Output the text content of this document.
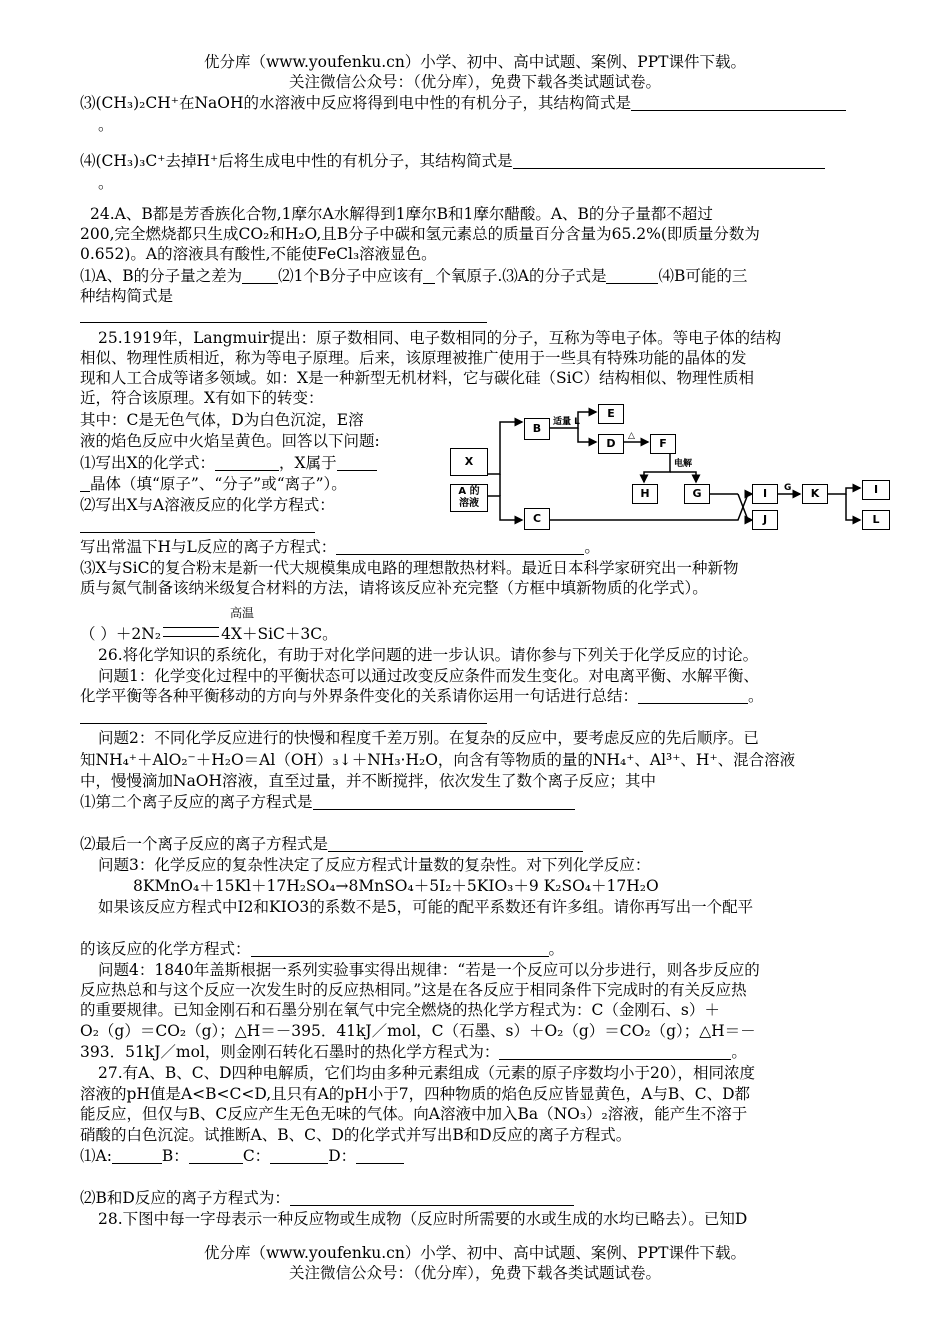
优分库（www.youfenku.cn）小学、初中、高中试题、案例、PPT课件下载。
关注微信公众号：（优分库），免费下载各类试题试卷。
⑶(CH₃)₂CH⁺在NaOH的水溶液中反应将得到电中性的有机分子，其结构简式是
。
⑷(CH₃)₃C⁺去掉H⁺后将生成电中性的有机分子，其结构简式是
。
24.A、B都是芳香族化合物,1摩尔A水解得到1摩尔B和1摩尔醋酸。A、B的分子量都不超过
200,完全燃烧都只生成CO₂和H₂O,且B分子中碳和氢元素总的质量百分含量为65.2%(即质量分数为
0.652)。A的溶液具有酸性,不能使FeCl₃溶液显色。
⑴A、B的分子量之差为 ⑵1个B分子中应该有 个氧原子.⑶A的分子式是	⑷B可能的三
种结构简式是
25.1919年，Langmuir提出：原子数相同、电子数相同的分子，互称为等电子体。等电子体的结构
相似、物理性质相近，称为等电子原理。后来，该原理被推广使用于一些具有特殊功能的晶体的发
现和人工合成等诸多领域。如：X是一种新型无机材料，它与碳化硅（SiC）结构相似、物理性质相
近，符合该原理。X有如下的转变：
其中：C是无色气体，D为白色沉淀，E溶
液的焰色反应中火焰呈黄色。回答以下问题:
⑴写出X的化学式：	，X属于
晶体（填“原子”、“分子”或“离子”）。
⑵写出X与A溶液反应的化学方程式：
写出常温下H与L反应的离子方程式：	。
⑶X与SiC的复合粉末是新一代大规模集成电路的理想散热材料。最近日本科学家研究出一种新物
质与氮气制备该纳米级复合材料的方法，请将该反应补充完整（方框中填新物质的化学式）。
高温
（ ）＋2N₂	4X＋SiC＋3C。
适量 L
△
电解
G
X
A 的
溶液
B
C
E
D	F
H	G	I
J
K	I
L
26.将化学知识的系统化，有助于对化学问题的进一步认识。请你参与下列关于化学反应的讨论。
问题1：化学变化过程中的平衡状态可以通过改变反应条件而发生变化。对电离平衡、水解平衡、
化学平衡等各种平衡移动的方向与外界条件变化的关系请你运用一句话进行总结：	。
问题2：不同化学反应进行的快慢和程度千差万别。在复杂的反应中，要考虑反应的先后顺序。已
知NH₄⁺＋AlO₂⁻＋H₂O＝Al（OH）₃↓＋NH₃·H₂O，向含有等物质的量的NH₄⁺、Al³⁺、H⁺、混合溶液
中，慢慢滴加NaOH溶液，直至过量，并不断搅拌，依次发生了数个离子反应；其中
⑴第二个离子反应的离子方程式是
⑵最后一个离子反应的离子方程式是
问题3：化学反应的复杂性决定了反应方程式计量数的复杂性。对下列化学反应：
8KMnO₄＋15Kl＋17H₂SO₄→8MnSO₄＋5I₂＋5KIO₃＋9 K₂SO₄＋17H₂O
如果该反应方程式中I2和KIO3的系数不是5，可能的配平系数还有许多组。请你再写出一个配平
的该反应的化学方程式：	。
问题4：1840年盖斯根据一系列实验事实得出规律：“若是一个反应可以分步进行，则各步反应的
反应热总和与这个反应一次发生时的反应热相同。”这是在各反应于相同条件下完成时的有关反应热
的重要规律。已知金刚石和石墨分别在氧气中完全燃烧的热化学方程式为：C（金刚石、s）＋
O₂（g）＝CO₂（g）；△H＝－395．41kJ／mol，C（石墨、s）＋O₂（g）＝CO₂（g）；△H＝－
393．51kJ／mol，则金刚石转化石墨时的热化学方程式为：	。
27.有A、B、C、D四种电解质，它们均由多种元素组成（元素的原子序数均小于20），相同浓度
溶液的pH值是A<B<C<D,且只有A的pH小于7，四种物质的焰色反应皆显黄色，A与B、C、D都
能反应，但仅与B、C反应产生无色无味的气体。向A溶液中加入Ba（NO₃）₂溶液，能产生不溶于
硝酸的白色沉淀。试推断A、B、C、D的化学式并写出B和D反应的离子方程式。
⑴A:	B：	C：	D：
⑵B和D反应的离子方程式为：
28.下图中每一字母表示一种反应物或生成物（反应时所需要的水或生成的水均已略去）。已知D
优分库（www.youfenku.cn）小学、初中、高中试题、案例、PPT课件下载。
关注微信公众号：（优分库），免费下载各类试题试卷。
